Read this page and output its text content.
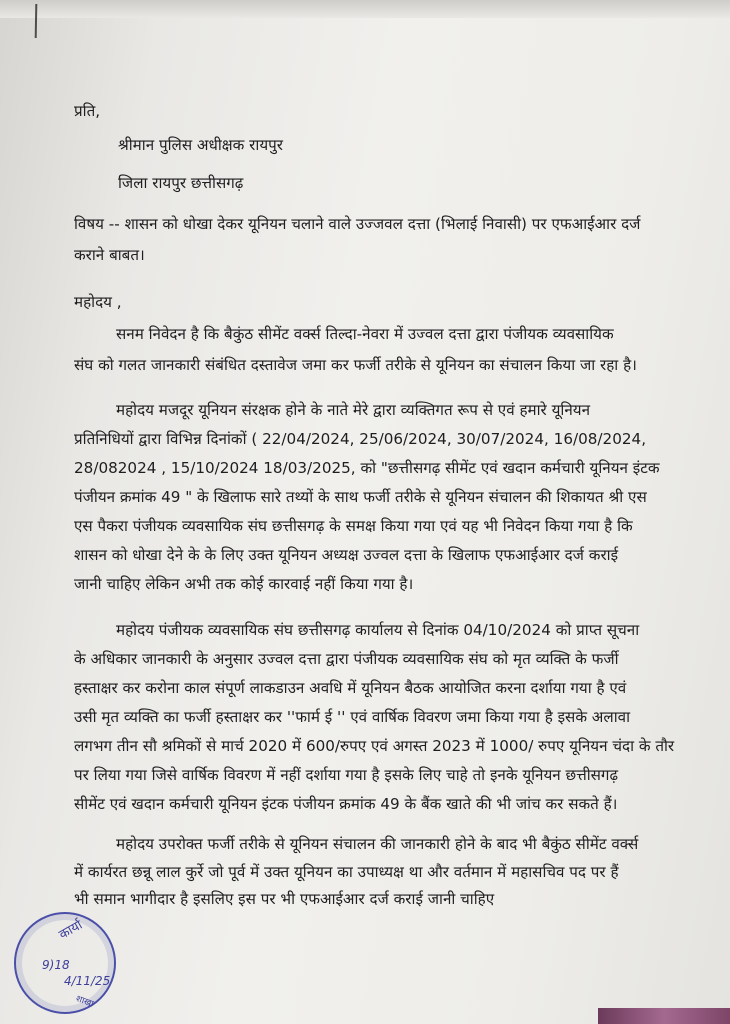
प्रति,
श्रीमान पुलिस अधीक्षक रायपुर
जिला रायपुर छत्तीसगढ़
विषय -- शासन को धोखा देकर यूनियन चलाने वाले उज्जवल दत्ता (भिलाई निवासी) पर एफआईआर दर्ज
कराने बाबत।
महोदय ,
सनम निवेदन है कि बैकुंठ सीमेंट वर्क्स तिल्दा-नेवरा में उज्वल दत्ता द्वारा पंजीयक व्यवसायिक
संघ को गलत जानकारी संबंधित दस्तावेज जमा कर फर्जी तरीके से यूनियन का संचालन किया जा रहा है।
महोदय मजदूर यूनियन संरक्षक होने के नाते मेरे द्वारा व्यक्तिगत रूप से एवं हमारे यूनियन
प्रतिनिधियों द्वारा विभिन्न दिनांकों ( 22/04/2024, 25/06/2024, 30/07/2024, 16/08/2024,
28/082024 , 15/10/2024 18/03/2025, को "छत्तीसगढ़ सीमेंट एवं खदान कर्मचारी यूनियन इंटक
पंजीयन क्रमांक 49 " के खिलाफ सारे तथ्यों के साथ फर्जी तरीके से यूनियन संचालन की शिकायत श्री एस
एस पैकरा पंजीयक व्यवसायिक संघ छत्तीसगढ़ के समक्ष किया गया एवं यह भी निवेदन किया गया है कि
शासन को धोखा देने के के लिए उक्त यूनियन अध्यक्ष उज्वल दत्ता के खिलाफ एफआईआर दर्ज कराई
जानी चाहिए लेकिन अभी तक कोई कारवाई नहीं किया गया है।
महोदय पंजीयक व्यवसायिक संघ छत्तीसगढ़ कार्यालय से दिनांक 04/10/2024 को प्राप्त सूचना
के अधिकार जानकारी के अनुसार उज्वल दत्ता द्वारा पंजीयक व्यवसायिक संघ को मृत व्यक्ति के फर्जी
हस्ताक्षर कर करोना काल संपूर्ण लाकडाउन अवधि में यूनियन बैठक आयोजित करना दर्शाया गया है एवं
उसी मृत व्यक्ति का फर्जी हस्ताक्षर कर ''फार्म ई '' एवं वार्षिक विवरण जमा किया गया है इसके अलावा
लगभग तीन सौ श्रमिकों से मार्च 2020 में 600/रुपए एवं अगस्त 2023 में 1000/ रुपए यूनियन चंदा के तौर
पर लिया गया जिसे वार्षिक विवरण में नहीं दर्शाया गया है इसके लिए चाहे तो इनके यूनियन छत्तीसगढ़
सीमेंट एवं खदान कर्मचारी यूनियन इंटक पंजीयन क्रमांक 49 के बैंक खाते की भी जांच कर सकते हैं।
महोदय उपरोक्त फर्जी तरीके से यूनियन संचालन की जानकारी होने के बाद भी बैकुंठ सीमेंट वर्क्स
में कार्यरत छन्नू लाल कुर्रे जो पूर्व में उक्त यूनियन का उपाध्यक्ष था और वर्तमान में महासचिव पद पर हैं
भी समान भागीदार है इसलिए इस पर भी एफआईआर दर्ज कराई जानी चाहिए
कार्या
9)18
4/11/25
शाखा
